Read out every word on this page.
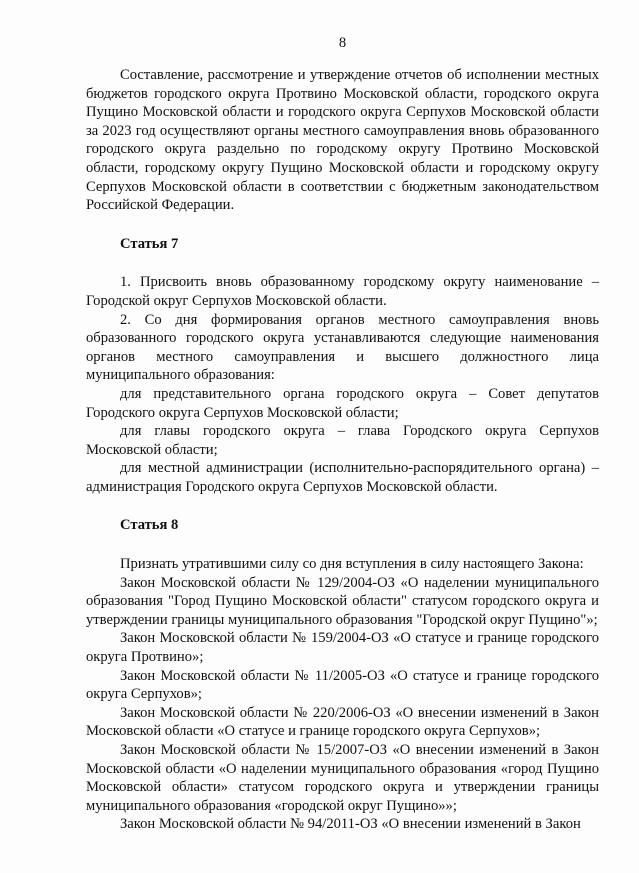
8

Составление, рассмотрение и утверждение отчетов об исполнении местных бюджетов городского округа Протвино Московской области, городского округа Пущино Московской области и городского округа Серпухов Московской области за 2023 год осуществляют органы местного самоуправления вновь образованного городского округа раздельно по городскому округу Протвино Московской области, городскому округу Пущино Московской области и городскому округу Серпухов Московской области в соответствии с бюджетным законодательством Российской Федерации.

Статья 7

1. Присвоить вновь образованному городскому округу наименование – Городской округ Серпухов Московской области.

2. Со дня формирования органов местного самоуправления вновь образованного городского округа устанавливаются следующие наименования органов местного самоуправления и высшего должностного лица муниципального образования:

для представительного органа городского округа – Совет депутатов Городского округа Серпухов Московской области;

для главы городского округа – глава Городского округа Серпухов Московской области;

для местной администрации (исполнительно-распорядительного органа) – администрация Городского округа Серпухов Московской области.

Статья 8

Признать утратившими силу со дня вступления в силу настоящего Закона:

Закон Московской области № 129/2004-ОЗ «О наделении муниципального образования "Город Пущино Московской области" статусом городского округа и утверждении границы муниципального образования "Городской округ Пущино"»;

Закон Московской области № 159/2004-ОЗ «О статусе и границе городского округа Протвино»;

Закон Московской области № 11/2005-ОЗ «О статусе и границе городского округа Серпухов»;

Закон Московской области № 220/2006-ОЗ «О внесении изменений в Закон Московской области «О статусе и границе городского округа Серпухов»;

Закон Московской области № 15/2007-ОЗ «О внесении изменений в Закон Московской области «О наделении муниципального образования «город Пущино Московской области» статусом городского округа и утверждении границы муниципального образования «городской округ Пущино»»;

Закон Московской области № 94/2011-ОЗ «О внесении изменений в Закон
